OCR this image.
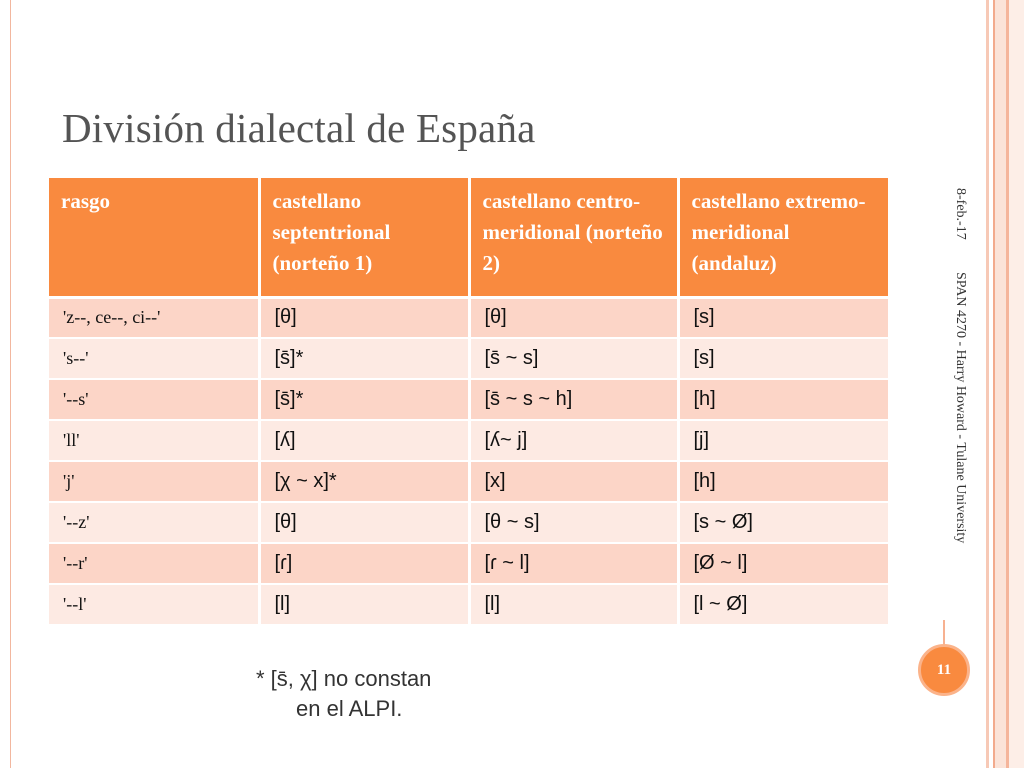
División dialectal de España
rasgo	castellano septentrional (norteño 1)	castellano centro-meridional (norteño 2)	castellano extremo-meridional (andaluz)
'z--, ce--, ci--'	[θ]	[θ]	[s]
's--'	[s̄]*	[s̄ ~ s]	[s]
'--s'	[s̄]*	[s̄ ~ s ~ h]	[h]
'll'	[ʎ]	[ʎ~ j]	[j]
'j'	[χ ~ x]*	[x]	[h]
'--z'	[θ]	[θ ~ s]	[s ~ Ø]
'--r'	[ɾ]	[ɾ ~ l]	[Ø ~ l]
'--l'	[l]	[l]	[l ~ Ø]
* [s̄, χ] no constan
en el ALPI.
8-feb.-17
SPAN 4270 - Harry Howard - Tulane University
11
